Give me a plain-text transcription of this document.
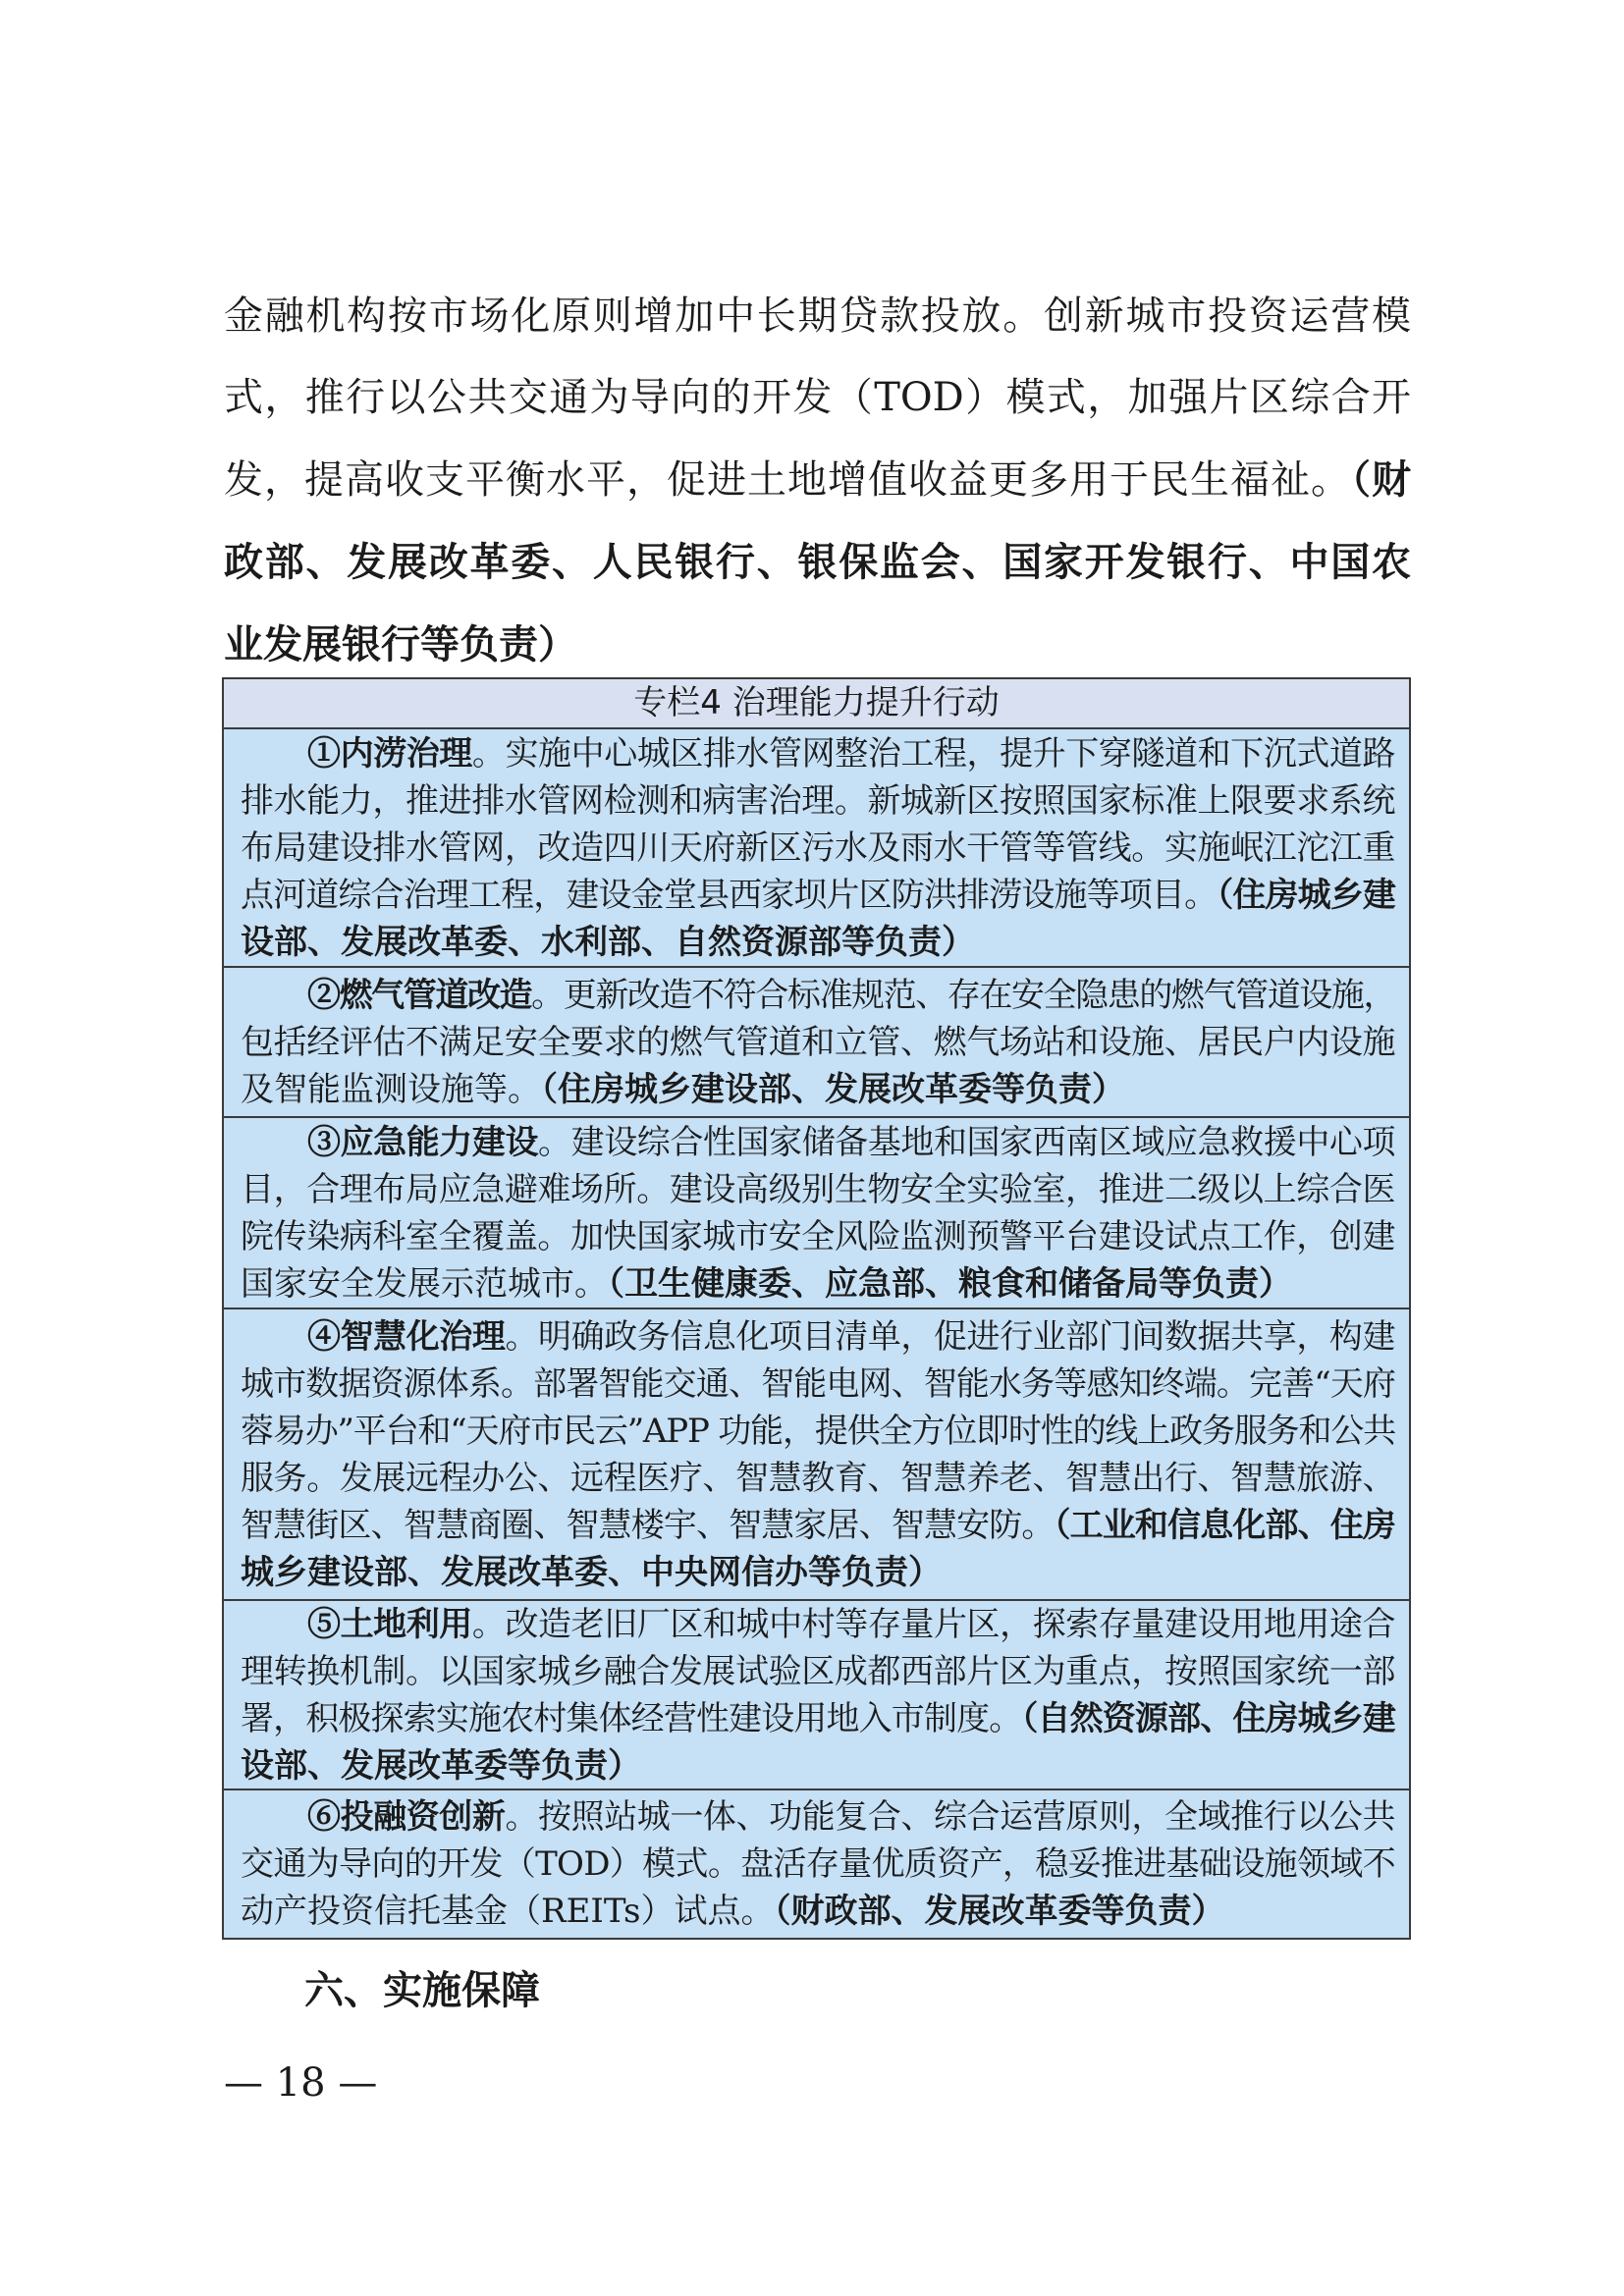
金融机构按市场化原则增加中长期贷款投放。创新城市投资运营模
式，推行以公共交通为导向的开发（TOD）模式，加强片区综合开
发，提高收支平衡水平，促进土地增值收益更多用于民生福祉。（财
政部、发展改革委、人民银行、银保监会、国家开发银行、中国农
业发展银行等负责）
专栏4 治理能力提升行动
①内涝治理。实施中心城区排水管网整治工程，提升下穿隧道和下沉式道路
排水能力，推进排水管网检测和病害治理。新城新区按照国家标准上限要求系统
布局建设排水管网，改造四川天府新区污水及雨水干管等管线。实施岷江沱江重
点河道综合治理工程，建设金堂县西家坝片区防洪排涝设施等项目。（住房城乡建
设部、发展改革委、水利部、自然资源部等负责）
②燃气管道改造。更新改造不符合标准规范、存在安全隐患的燃气管道设施，
包括经评估不满足安全要求的燃气管道和立管、燃气场站和设施、居民户内设施
及智能监测设施等。（住房城乡建设部、发展改革委等负责）
③应急能力建设。建设综合性国家储备基地和国家西南区域应急救援中心项
目，合理布局应急避难场所。建设高级别生物安全实验室，推进二级以上综合医
院传染病科室全覆盖。加快国家城市安全风险监测预警平台建设试点工作，创建
国家安全发展示范城市。（卫生健康委、应急部、粮食和储备局等负责）
④智慧化治理。明确政务信息化项目清单，促进行业部门间数据共享，构建
城市数据资源体系。部署智能交通、智能电网、智能水务等感知终端。完善“天府
蓉易办”平台和“天府市民云”APP 功能，提供全方位即时性的线上政务服务和公共
服务。发展远程办公、远程医疗、智慧教育、智慧养老、智慧出行、智慧旅游、
智慧街区、智慧商圈、智慧楼宇、智慧家居、智慧安防。（工业和信息化部、住房
城乡建设部、发展改革委、中央网信办等负责）
⑤土地利用。改造老旧厂区和城中村等存量片区，探索存量建设用地用途合
理转换机制。以国家城乡融合发展试验区成都西部片区为重点，按照国家统一部
署，积极探索实施农村集体经营性建设用地入市制度。（自然资源部、住房城乡建
设部、发展改革委等负责）
⑥投融资创新。按照站城一体、功能复合、综合运营原则，全域推行以公共
交通为导向的开发（TOD）模式。盘活存量优质资产，稳妥推进基础设施领域不
动产投资信托基金（REITs）试点。（财政部、发展改革委等负责）
六、实施保障
— 18 —
